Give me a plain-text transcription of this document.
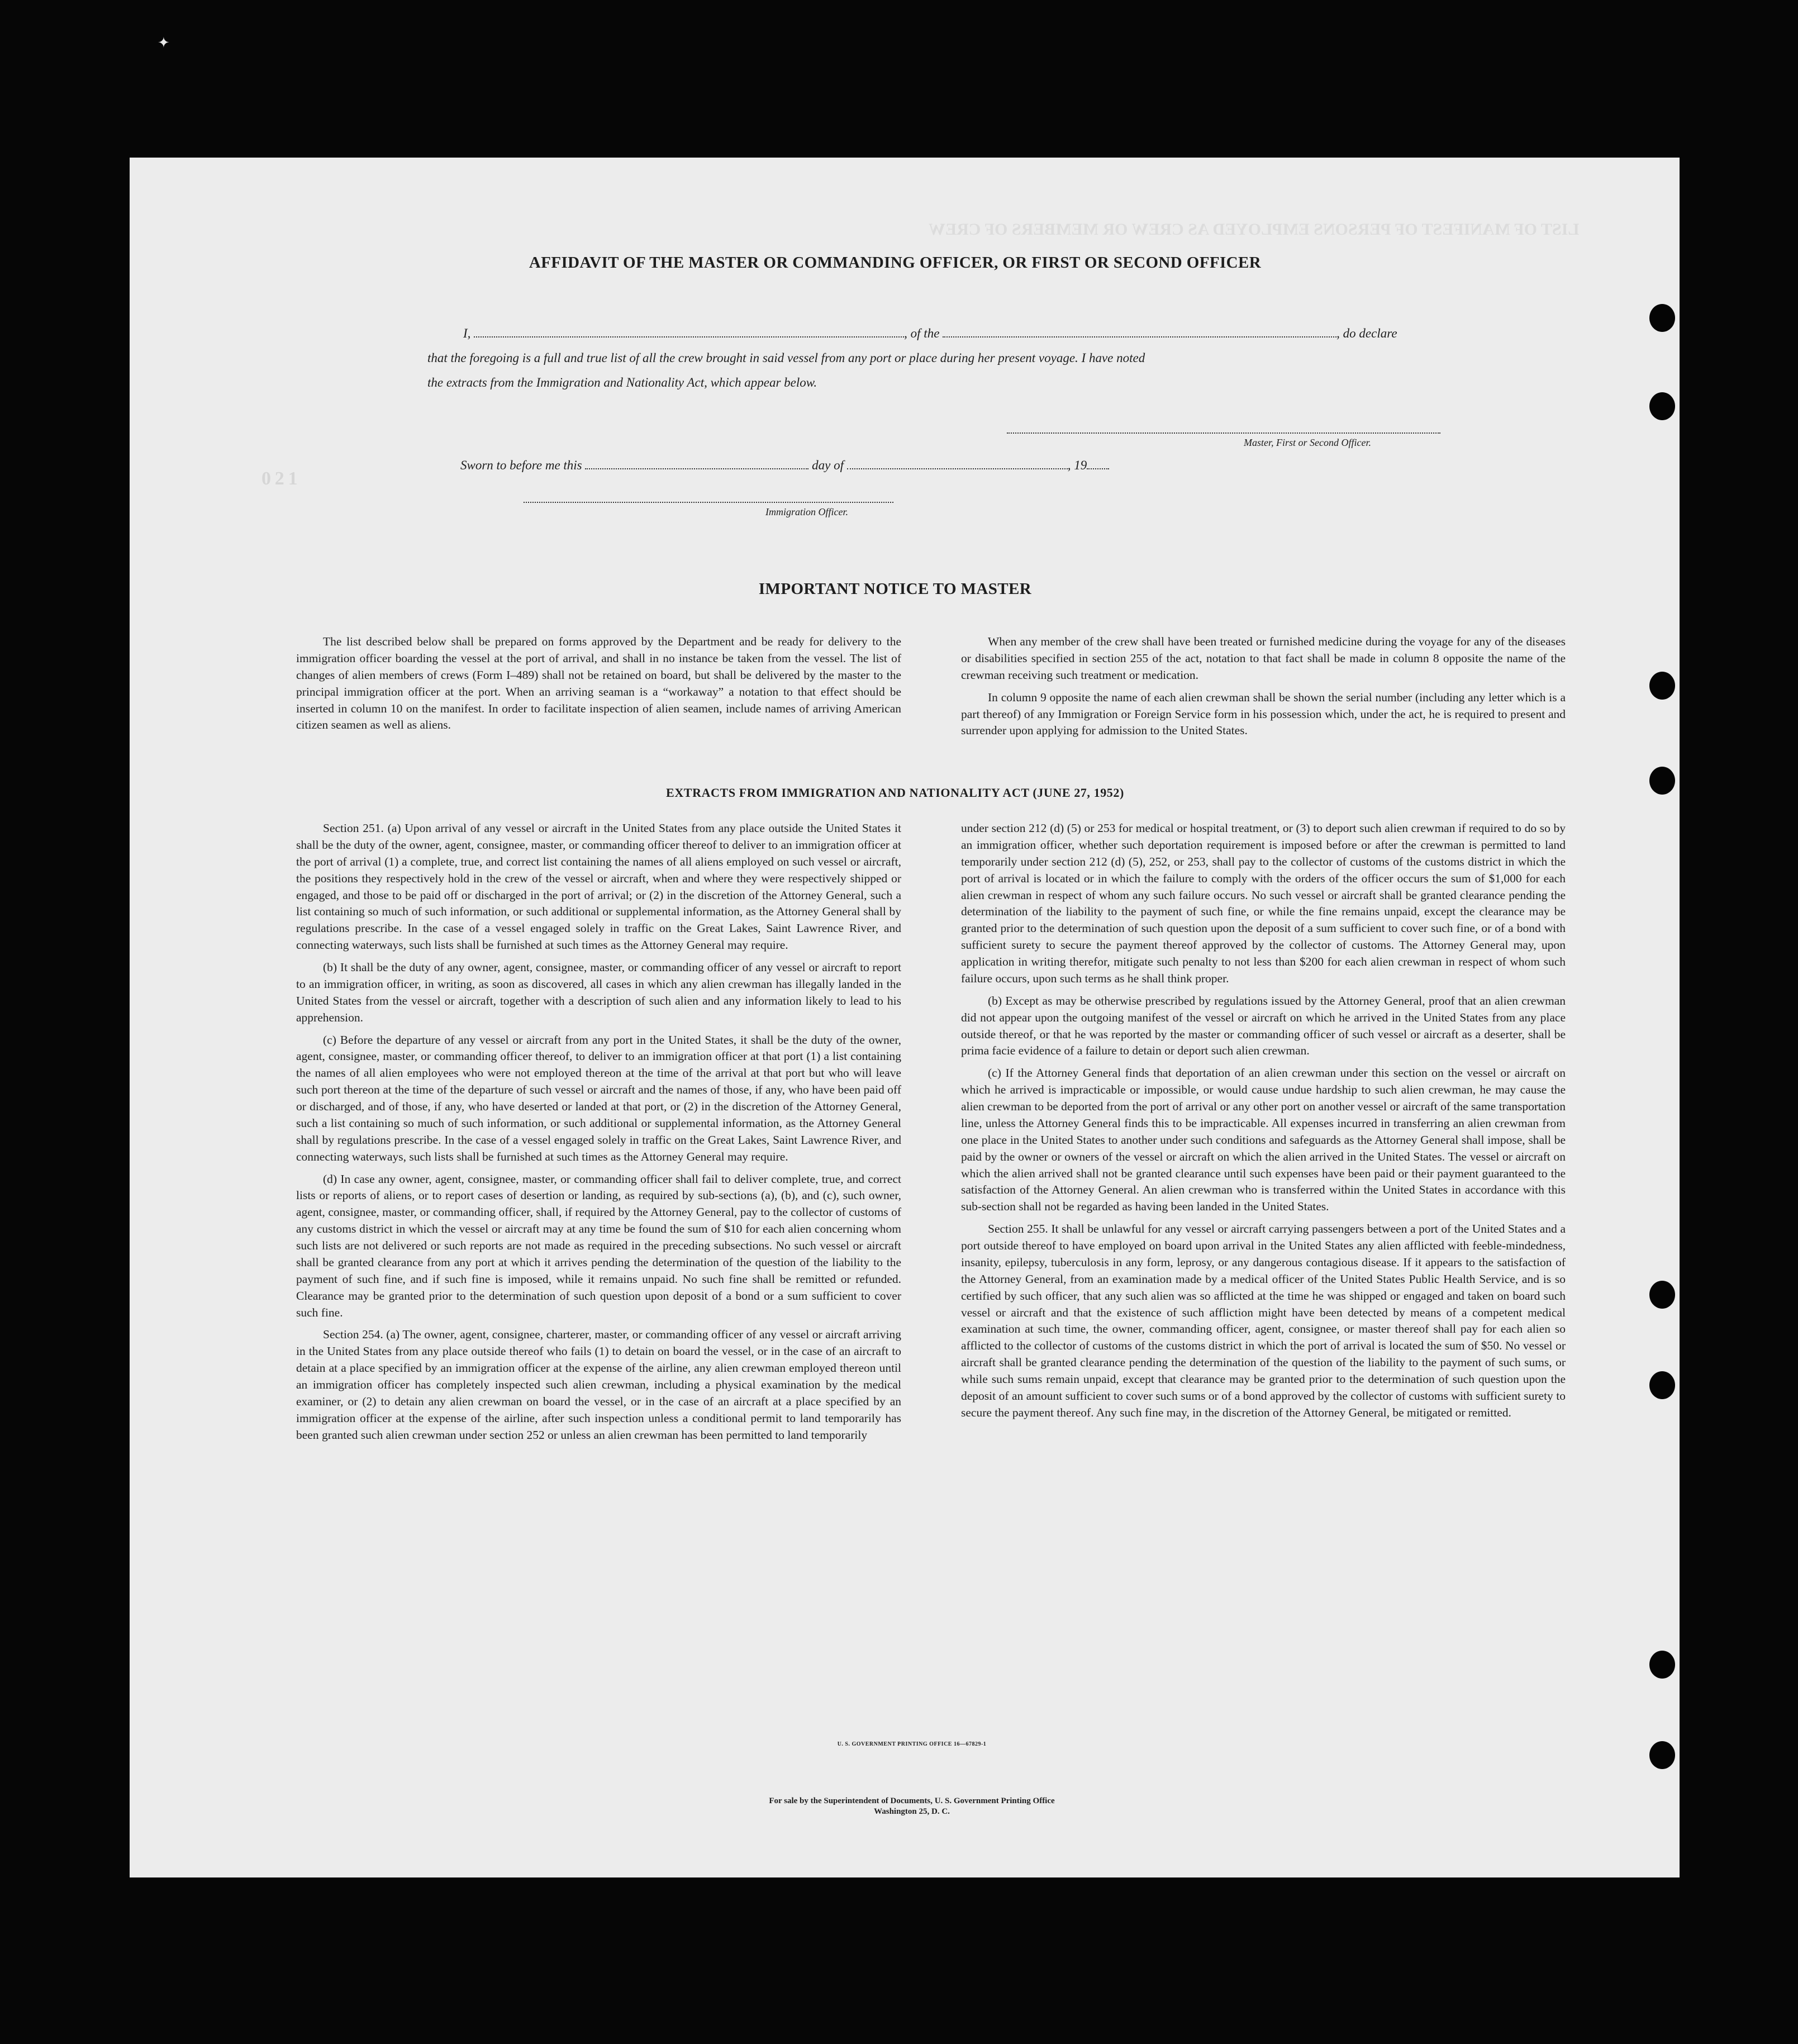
✦
LIST OF MANIFEST OF PERSONS EMPLOYED AS CREW OR MEMBERS OF CREW
0 2 1
AFFIDAVIT OF THE MASTER OR COMMANDING OFFICER, OR FIRST OR SECOND OFFICER
I,	, of the	, do declare
that the foregoing is a full and true list of all the crew brought in said vessel from any port or place during her present voyage. I have noted
the extracts from the Immigration and Nationality Act, which appear below.
Master, First or Second Officer.
Sworn to before me this	day of	, 19
Immigration Officer.
IMPORTANT NOTICE TO MASTER

The list described below shall be prepared on forms approved by the Department and be ready for delivery to the immigration officer boarding the vessel at the port of arrival, and shall in no instance be taken from the vessel. The list of changes of alien members of crews (Form I–489) shall not be retained on board, but shall be delivered by the master to the principal immigration officer at the port. When an arriving seaman is a “workaway” a notation to that effect should be inserted in column 10 on the manifest. In order to facilitate inspection of alien seamen, include names of arriving American citizen seamen as well as aliens.

When any member of the crew shall have been treated or furnished medicine during the voyage for any of the diseases or disabilities specified in section 255 of the act, notation to that fact shall be made in column 8 opposite the name of the crewman receiving such treatment or medication.

In column 9 opposite the name of each alien crewman shall be shown the serial number (including any letter which is a part thereof) of any Immigration or Foreign Service form in his possession which, under the act, he is required to present and surrender upon applying for admission to the United States.

EXTRACTS FROM IMMIGRATION AND NATIONALITY ACT (JUNE 27, 1952)

Section 251. (a) Upon arrival of any vessel or aircraft in the United States from any place outside the United States it shall be the duty of the owner, agent, consignee, master, or commanding officer thereof to deliver to an immigration officer at the port of arrival (1) a complete, true, and correct list containing the names of all aliens employed on such vessel or aircraft, the positions they respectively hold in the crew of the vessel or aircraft, when and where they were respectively shipped or engaged, and those to be paid off or discharged in the port of arrival; or (2) in the discretion of the Attorney General, such a list containing so much of such information, or such additional or supplemental information, as the Attorney General shall by regulations prescribe. In the case of a vessel engaged solely in traffic on the Great Lakes, Saint Lawrence River, and connecting waterways, such lists shall be furnished at such times as the Attorney General may require.

(b) It shall be the duty of any owner, agent, consignee, master, or commanding officer of any vessel or aircraft to report to an immigration officer, in writing, as soon as discovered, all cases in which any alien crewman has illegally landed in the United States from the vessel or aircraft, together with a description of such alien and any information likely to lead to his apprehension.

(c) Before the departure of any vessel or aircraft from any port in the United States, it shall be the duty of the owner, agent, consignee, master, or commanding officer thereof, to deliver to an immigration officer at that port (1) a list containing the names of all alien employees who were not employed thereon at the time of the arrival at that port but who will leave such port thereon at the time of the departure of such vessel or aircraft and the names of those, if any, who have been paid off or discharged, and of those, if any, who have deserted or landed at that port, or (2) in the discretion of the Attorney General, such a list containing so much of such information, or such additional or supplemental information, as the Attorney General shall by regulations prescribe. In the case of a vessel engaged solely in traffic on the Great Lakes, Saint Lawrence River, and connecting waterways, such lists shall be furnished at such times as the Attorney General may require.

(d) In case any owner, agent, consignee, master, or commanding officer shall fail to deliver complete, true, and correct lists or reports of aliens, or to report cases of desertion or landing, as required by sub-sections (a), (b), and (c), such owner, agent, consignee, master, or commanding officer, shall, if required by the Attorney General, pay to the collector of customs of any customs district in which the vessel or aircraft may at any time be found the sum of $10 for each alien concerning whom such lists are not delivered or such reports are not made as required in the preceding subsections. No such vessel or aircraft shall be granted clearance from any port at which it arrives pending the determination of the question of the liability to the payment of such fine, and if such fine is imposed, while it remains unpaid. No such fine shall be remitted or refunded. Clearance may be granted prior to the determination of such question upon deposit of a bond or a sum sufficient to cover such fine.

Section 254. (a) The owner, agent, consignee, charterer, master, or commanding officer of any vessel or aircraft arriving in the United States from any place outside thereof who fails (1) to detain on board the vessel, or in the case of an aircraft to detain at a place specified by an immigration officer at the expense of the airline, any alien crewman employed thereon until an immigration officer has completely inspected such alien crewman, including a physical examination by the medical examiner, or (2) to detain any alien crewman on board the vessel, or in the case of an aircraft at a place specified by an immigration officer at the expense of the airline, after such inspection unless a conditional permit to land temporarily has been granted such alien crewman under section 252 or unless an alien crewman has been permitted to land temporarily

under section 212 (d) (5) or 253 for medical or hospital treatment, or (3) to deport such alien crewman if required to do so by an immigration officer, whether such deportation requirement is imposed before or after the crewman is permitted to land temporarily under section 212 (d) (5), 252, or 253, shall pay to the collector of customs of the customs district in which the port of arrival is located or in which the failure to comply with the orders of the officer occurs the sum of $1,000 for each alien crewman in respect of whom any such failure occurs. No such vessel or aircraft shall be granted clearance pending the determination of the liability to the payment of such fine, or while the fine remains unpaid, except the clearance may be granted prior to the determination of such question upon the deposit of a sum sufficient to cover such fine, or of a bond with sufficient surety to secure the payment thereof approved by the collector of customs. The Attorney General may, upon application in writing therefor, mitigate such penalty to not less than $200 for each alien crewman in respect of whom such failure occurs, upon such terms as he shall think proper.

(b) Except as may be otherwise prescribed by regulations issued by the Attorney General, proof that an alien crewman did not appear upon the outgoing manifest of the vessel or aircraft on which he arrived in the United States from any place outside thereof, or that he was reported by the master or commanding officer of such vessel or aircraft as a deserter, shall be prima facie evidence of a failure to detain or deport such alien crewman.

(c) If the Attorney General finds that deportation of an alien crewman under this section on the vessel or aircraft on which he arrived is impracticable or impossible, or would cause undue hardship to such alien crewman, he may cause the alien crewman to be deported from the port of arrival or any other port on another vessel or aircraft of the same transportation line, unless the Attorney General finds this to be impracticable. All expenses incurred in transferring an alien crewman from one place in the United States to another under such conditions and safeguards as the Attorney General shall impose, shall be paid by the owner or owners of the vessel or aircraft on which the alien arrived in the United States. The vessel or aircraft on which the alien arrived shall not be granted clearance until such expenses have been paid or their payment guaranteed to the satisfaction of the Attorney General. An alien crewman who is transferred within the United States in accordance with this sub-section shall not be regarded as having been landed in the United States.

Section 255. It shall be unlawful for any vessel or aircraft carrying passengers between a port of the United States and a port outside thereof to have employed on board upon arrival in the United States any alien afflicted with feeble-mindedness, insanity, epilepsy, tuberculosis in any form, leprosy, or any dangerous contagious disease. If it appears to the satisfaction of the Attorney General, from an examination made by a medical officer of the United States Public Health Service, and is so certified by such officer, that any such alien was so afflicted at the time he was shipped or engaged and taken on board such vessel or aircraft and that the existence of such affliction might have been detected by means of a competent medical examination at such time, the owner, commanding officer, agent, consignee, or master thereof shall pay for each alien so afflicted to the collector of customs of the customs district in which the port of arrival is located the sum of $50. No vessel or aircraft shall be granted clearance pending the determination of the question of the liability to the payment of such sums, or while such sums remain unpaid, except that clearance may be granted prior to the determination of such question upon the deposit of an amount sufficient to cover such sums or of a bond approved by the collector of customs with sufficient surety to secure the payment thereof. Any such fine may, in the discretion of the Attorney General, be mitigated or remitted.

U. S. GOVERNMENT PRINTING OFFICE 16—67829-1
For sale by the Superintendent of Documents, U. S. Government Printing Office
Washington 25, D. C.
